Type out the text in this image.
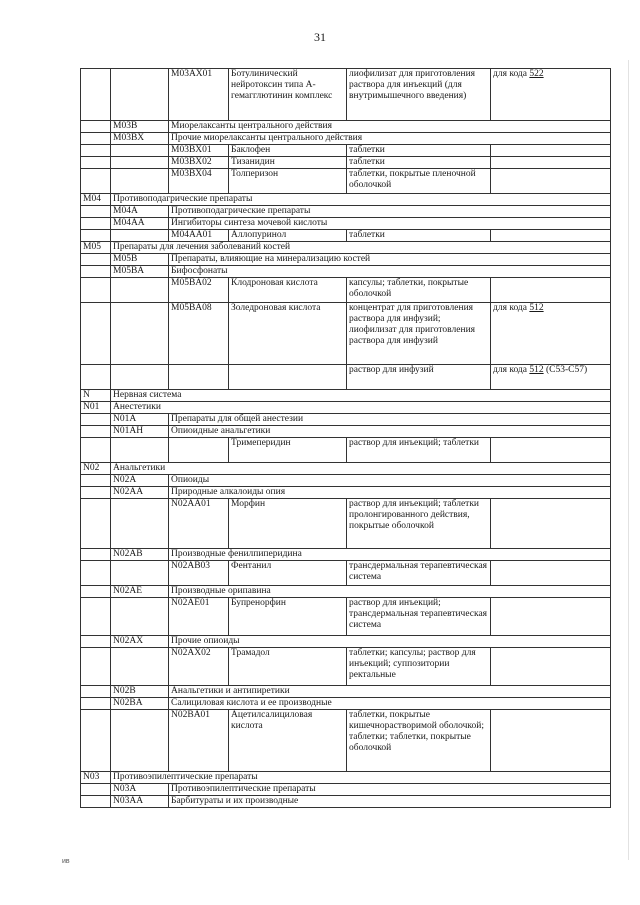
31
		M03AX01	Ботулинический нейротоксин типа A-гемагглютинин комплекс	лиофилизат для приготовления раствора для инъекций (для внутримышечного введения)	для кода 522
	M03B	Миорелаксанты центрального действия			
	M03BX	Прочие миорелаксанты центрального действия			
		M03BX01	Баклофен	таблетки	
		M03BX02	Тизанидин	таблетки	
		M03BX04	Толперизон	таблетки, покрытые пленочной оболочкой	
M04	Противоподагрические препараты				
	M04A	Противоподагрические препараты			
	M04AA	Ингибиторы синтеза мочевой кислоты			
		M04AA01	Аллопуринол	таблетки	
M05	Препараты для лечения заболеваний костей				
	M05B	Препараты, влияющие на минерализацию костей			
	M05BA	Бифосфонаты			
		M05BA02	Клодроновая кислота	капсулы; таблетки, покрытые оболочкой	
		M05BA08	Золедроновая кислота	концентрат для приготовления раствора для инфузий; лиофилизат для приготовления раствора для инфузий	для кода 512
				раствор для инфузий	для кода 512 (C53-C57)
N	Нервная система				
N01	Анестетики				
	N01A	Препараты для общей анестезии			
	N01AH	Опиоидные анальгетики			
			Тримеперидин	раствор для инъекций; таблетки	
N02	Анальгетики				
	N02A	Опиоиды			
	N02AA	Природные алкалоиды опия			
		N02AA01	Морфин	раствор для инъекций; таблетки пролонгированного действия, покрытые оболочкой	
	N02AB	Производные фенилпиперидина			
		N02AB03	Фентанил	трансдермальная терапевтическая система	
	N02AE	Производные орипавина			
		N02AE01	Бупренорфин	раствор для инъекций; трансдермальная терапевтическая система	
	N02AX	Прочие опиоиды			
		N02AX02	Трамадол	таблетки; капсулы; раствор для инъекций; суппозитории ректальные	
	N02B	Анальгетики и антипиретики			
	N02BA	Салициловая кислота и ее производные			
		N02BA01	Ацетилсалициловая кислота	таблетки, покрытые кишечнорастворимой оболочкой; таблетки; таблетки, покрытые оболочкой	
N03	Противоэпилептические препараты				
	N03A	Противоэпилептические препараты			
	N03AA	Барбитураты и их производные			
ив
